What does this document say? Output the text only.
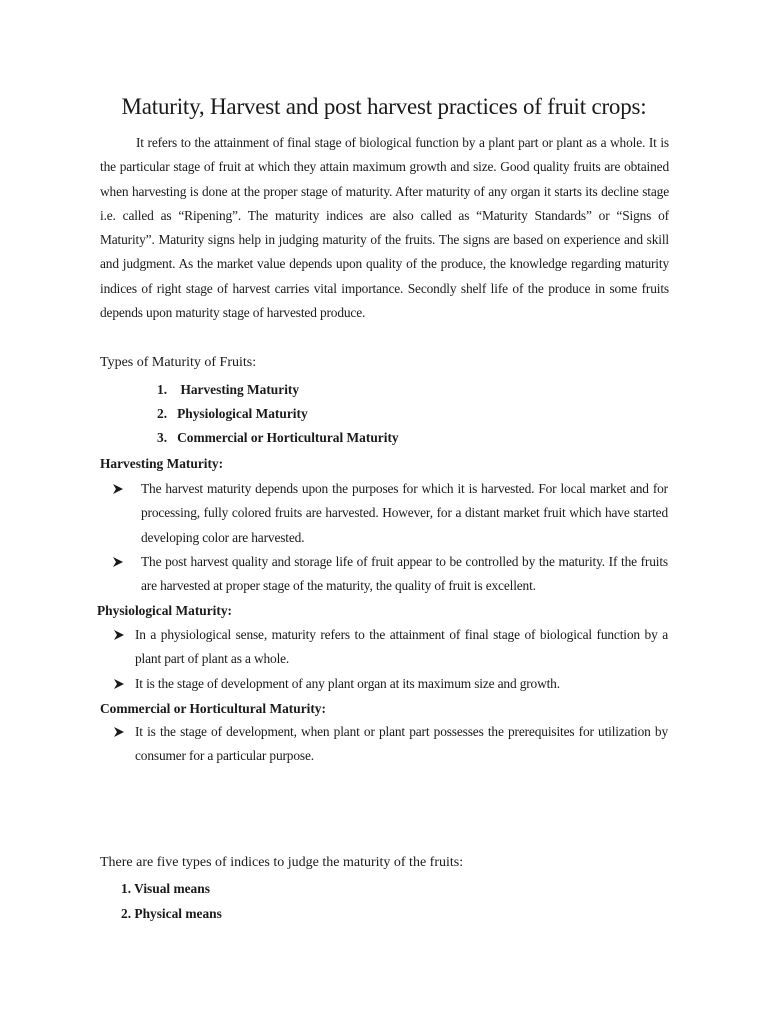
Maturity, Harvest and post harvest practices of fruit crops:

It refers to the attainment of final stage of biological function by a plant part or plant as a whole. It is the particular stage of fruit at which they attain maximum growth and size. Good quality fruits are obtained when harvesting is done at the proper stage of maturity. After maturity of any organ it starts its decline stage i.e. called as “Ripening”. The maturity indices are also called as “Maturity Standards” or “Signs of Maturity”. Maturity signs help in judging maturity of the fruits. The signs are based on experience and skill and judgment. As the market value depends upon quality of the produce, the knowledge regarding maturity indices of right stage of harvest carries vital importance. Secondly shelf life of the produce in some fruits depends upon maturity stage of harvested produce.

Types of Maturity of Fruits:

1. Harvesting Maturity

2. Physiological Maturity

3. Commercial or Horticultural Maturity

Harvesting Maturity:

The harvest maturity depends upon the purposes for which it is harvested. For local market and for processing, fully colored fruits are harvested. However, for a distant market fruit which have started developing color are harvested.

The post harvest quality and storage life of fruit appear to be controlled by the maturity. If the fruits are harvested at proper stage of the maturity, the quality of fruit is excellent.

Physiological Maturity:

In a physiological sense, maturity refers to the attainment of final stage of biological function by a plant part of plant as a whole.

It is the stage of development of any plant organ at its maximum size and growth.

Commercial or Horticultural Maturity:

It is the stage of development, when plant or plant part possesses the prerequisites for utilization by consumer for a particular purpose.

There are five types of indices to judge the maturity of the fruits:

1. Visual means

2. Physical means
